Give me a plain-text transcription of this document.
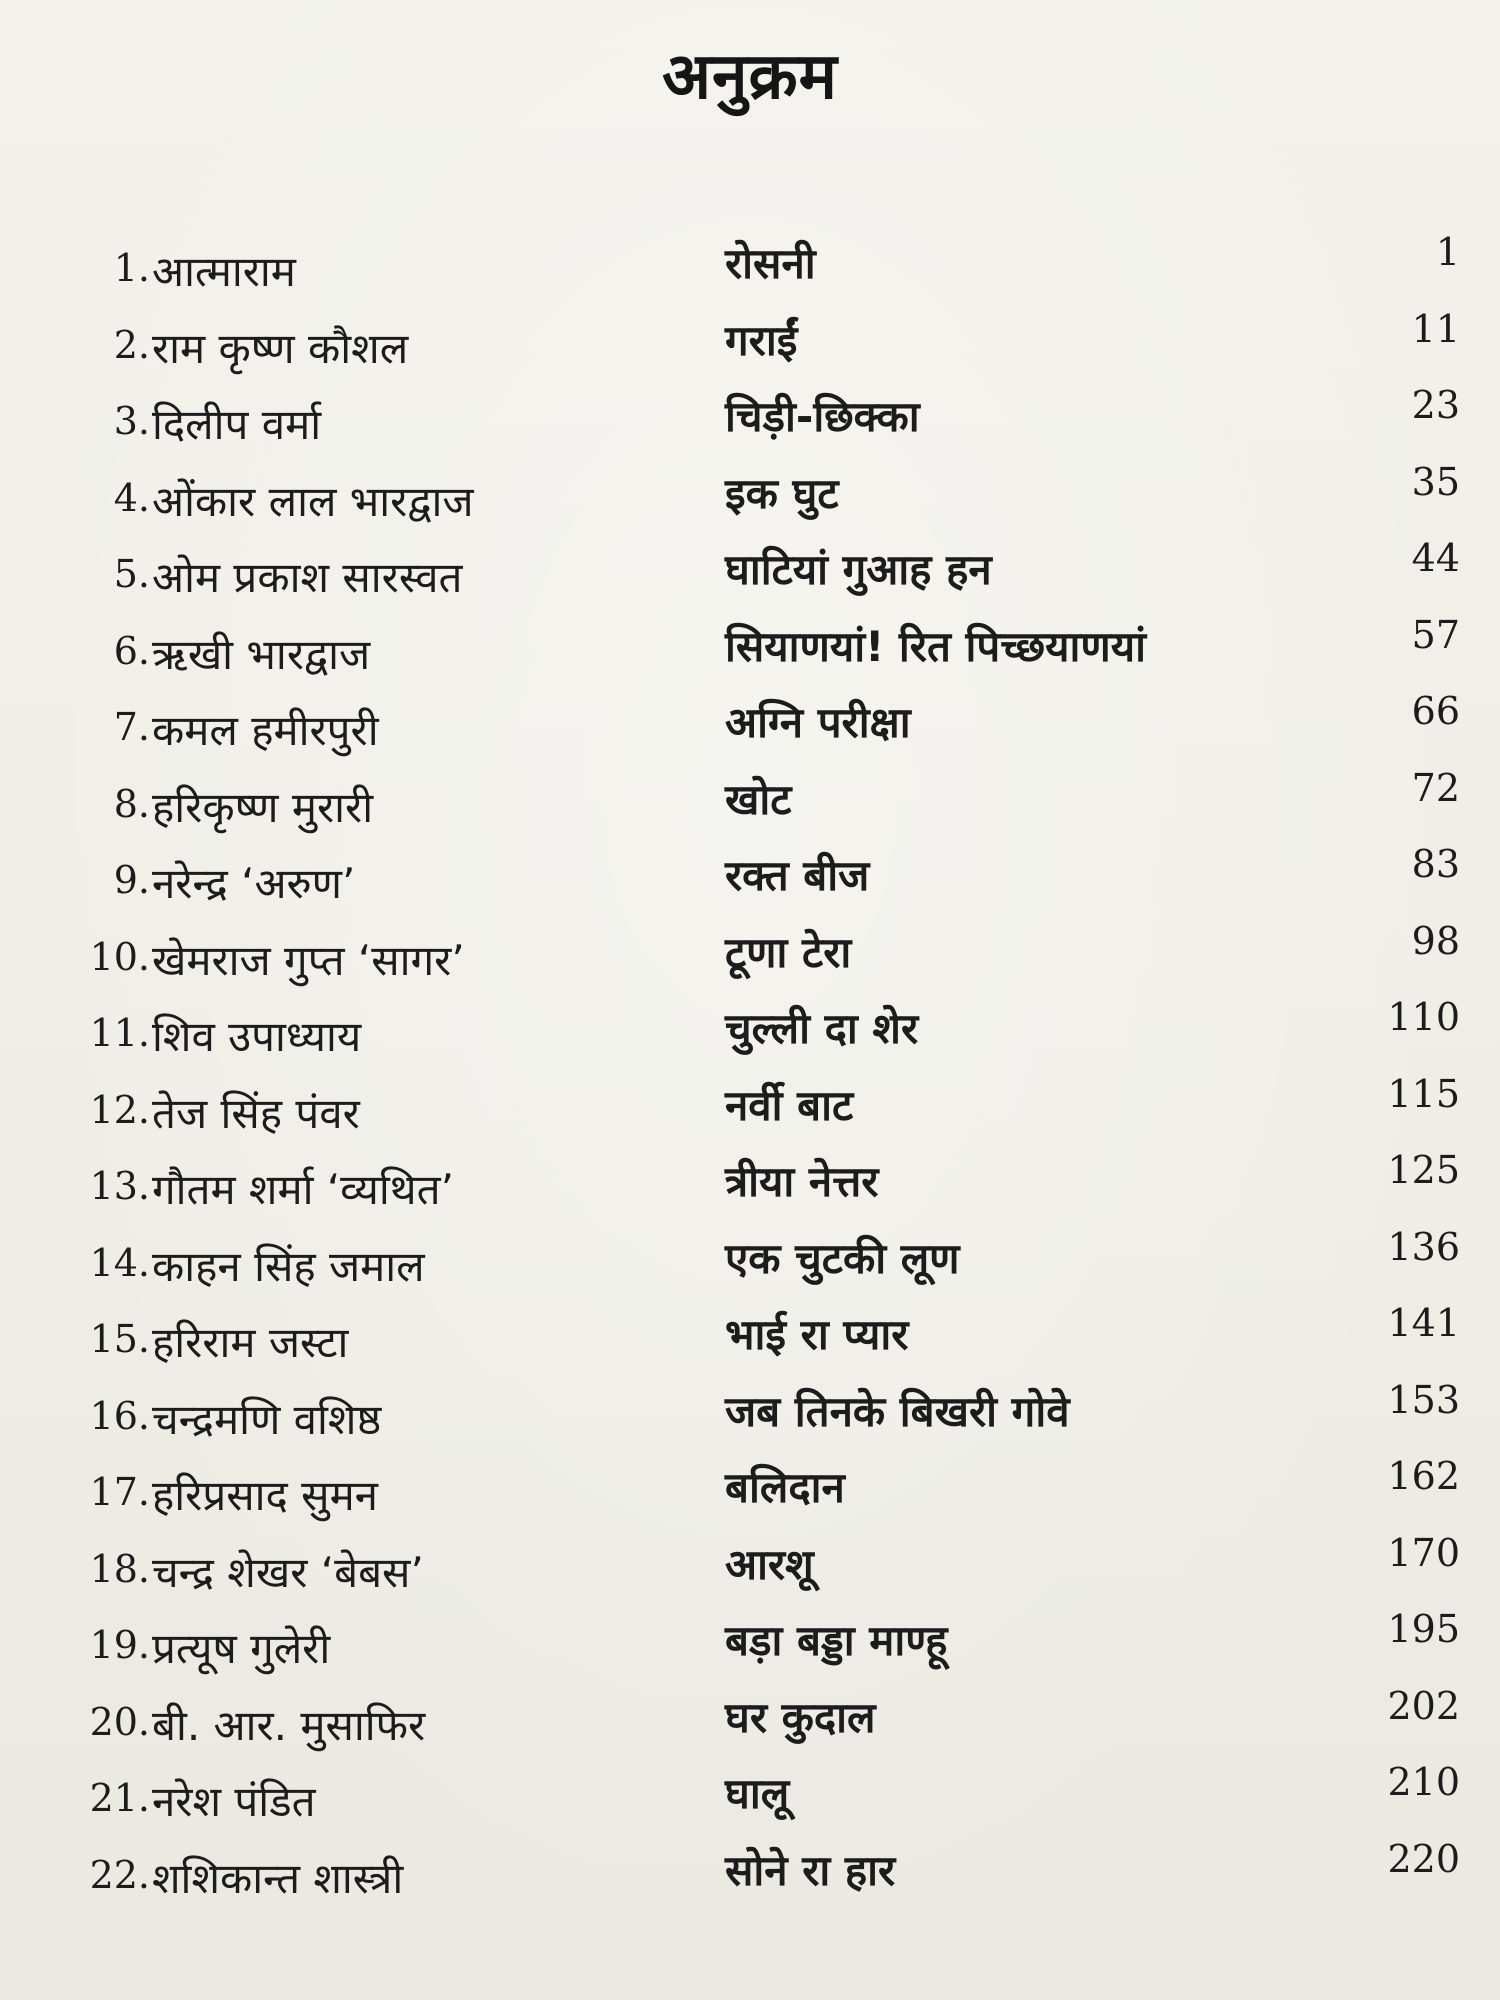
अनुक्रम
1. आत्माराम	रोसनी	1
2. राम कृष्ण कौशल	गराईं	11
3. दिलीप वर्मा	चिड़ी-छिक्का	23
4. ओंकार लाल भारद्वाज	इक घुट	35
5. ओम प्रकाश सारस्वत	घाटियां गुआह हन	44
6. ऋखी भारद्वाज	सियाणयां! रित पिच्छयाणयां	57
7. कमल हमीरपुरी	अग्नि परीक्षा	66
8. हरिकृष्ण मुरारी	खोट	72
9. नरेन्द्र ‘अरुण’	रक्त बीज	83
10. खेमराज गुप्त ‘सागर’	टूणा टेरा	98
11. शिव उपाध्याय	चुल्ली दा शेर	110
12. तेज सिंह पंवर	नर्वी बाट	115
13. गौतम शर्मा ‘व्यथित’	त्रीया नेत्तर	125
14. काहन सिंह जमाल	एक चुटकी लूण	136
15. हरिराम जस्टा	भाई रा प्यार	141
16. चन्द्रमणि वशिष्ठ	जब तिनके बिखरी गोवे	153
17. हरिप्रसाद सुमन	बलिदान	162
18. चन्द्र शेखर ‘बेबस’	आरशू	170
19. प्रत्यूष गुलेरी	बड़ा बड्डा माण्हू	195
20. बी. आर. मुसाफिर	घर कुदाल	202
21. नरेश पंडित	घालू	210
22. शशिकान्त शास्त्री	सोने रा हार	220
